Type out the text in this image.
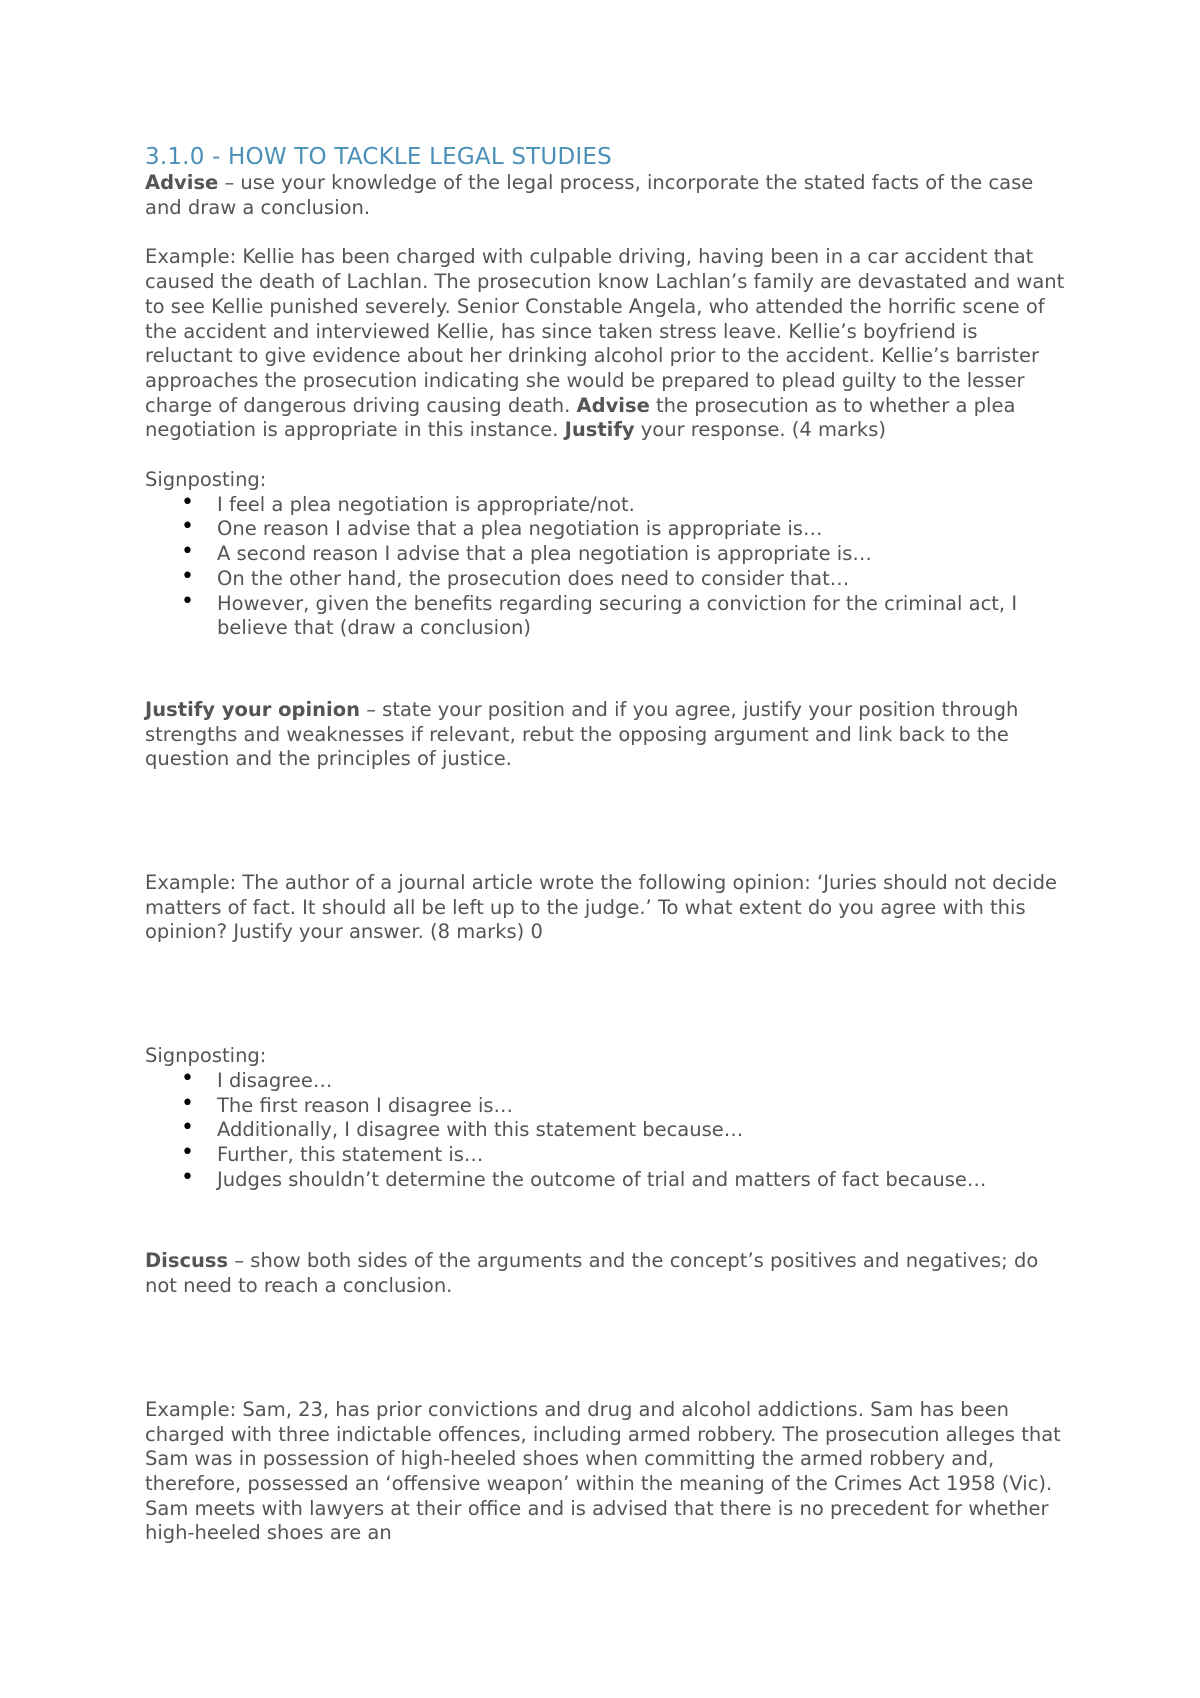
3.1.0 - HOW TO TACKLE LEGAL STUDIES

Advise – use your knowledge of the legal process, incorporate the stated facts of the case and draw a conclusion.

Example: Kellie has been charged with culpable driving, having been in a car accident that caused the death of Lachlan. The prosecution know Lachlan’s family are devastated and want to see Kellie punished severely. Senior Constable Angela, who attended the horrific scene of the accident and interviewed Kellie, has since taken stress leave. Kellie’s boyfriend is reluctant to give evidence about her drinking alcohol prior to the accident. Kellie’s barrister approaches the prosecution indicating she would be prepared to plead guilty to the lesser charge of dangerous driving causing death. Advise the prosecution as to whether a plea negotiation is appropriate in this instance. Justify your response. (4 marks)

Signposting:

• I feel a plea negotiation is appropriate/not.
• One reason I advise that a plea negotiation is appropriate is…
• A second reason I advise that a plea negotiation is appropriate is…
• On the other hand, the prosecution does need to consider that…
• However, given the benefits regarding securing a conviction for the criminal act, I believe that (draw a conclusion)

Justify your opinion – state your position and if you agree, justify your position through strengths and weaknesses if relevant, rebut the opposing argument and link back to the question and the principles of justice.

Example: The author of a journal article wrote the following opinion: ‘Juries should not decide matters of fact. It should all be left up to the judge.’ To what extent do you agree with this opinion? Justify your answer. (8 marks) 0

Signposting:

• I disagree…
• The first reason I disagree is…
• Additionally, I disagree with this statement because…
• Further, this statement is…
• Judges shouldn’t determine the outcome of trial and matters of fact because…

Discuss – show both sides of the arguments and the concept’s positives and negatives; do not need to reach a conclusion.

Example: Sam, 23, has prior convictions and drug and alcohol addictions. Sam has been charged with three indictable offences, including armed robbery. The prosecution alleges that Sam was in possession of high-heeled shoes when committing the armed robbery and, therefore, possessed an ‘offensive weapon’ within the meaning of the Crimes Act 1958 (Vic). Sam meets with lawyers at their office and is advised that there is no precedent for whether high-heeled shoes are an
